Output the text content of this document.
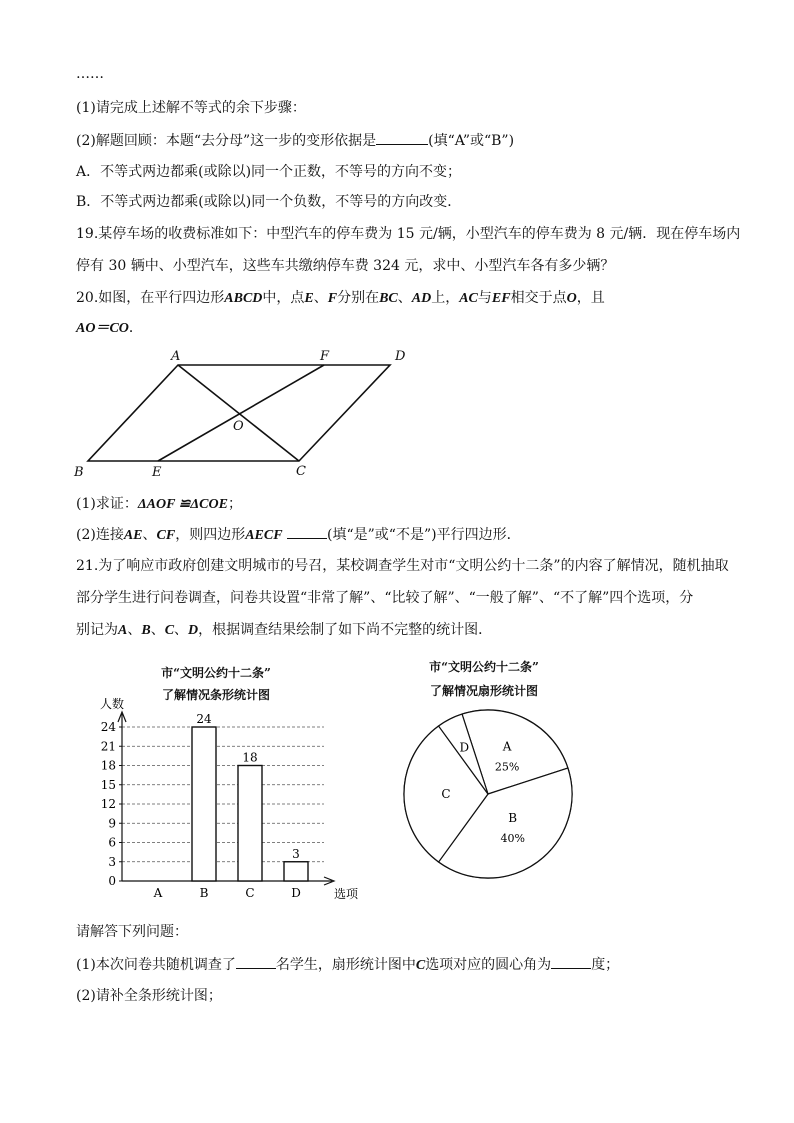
……
(1)请完成上述解不等式的余下步骤：
(2)解题回顾：本题“去分母”这一步的变形依据是	(填“A”或“B”)
A．不等式两边都乘(或除以)同一个正数，不等号的方向不变；
B．不等式两边都乘(或除以)同一个负数，不等号的方向改变．
19.某停车场的收费标准如下：中型汽车的停车费为 15 元/辆，小型汽车的停车费为 8 元/辆．现在停车场内
停有 30 辆中、小型汽车，这些车共缴纳停车费 324 元，求中、小型汽车各有多少辆？
20.如图，在平行四边形ABCD中，点E、F分别在BC、AD上，AC与EF相交于点O，且
AO＝CO．
A	F	D
B	E	C
O
(1)求证：ΔAOF ≌ΔCOE；
(2)连接AE、CF，则四边形AECF	(填“是”或“不是”)平行四边形．
21.为了响应市政府创建文明城市的号召，某校调查学生对市“文明公约十二条”的内容了解情况，随机抽取
部分学生进行问卷调查，问卷共设置“非常了解”、“比较了解”、“一般了解”、“不了解”四个选项，分
别记为A、B、C、D，根据调查结果绘制了如下尚不完整的统计图．
市“文明公约十二条”
了解情况条形统计图
人数
选项
0
3
6
9
12
15
18
21
24
A	B
24
C
18
D
3
市“文明公约十二条”
了解情况扇形统计图
A
25%
B
40%
C
D
请解答下列问题：
(1)本次问卷共随机调查了	名学生，扇形统计图中C选项对应的圆心角为	度；
(2)请补全条形统计图；
